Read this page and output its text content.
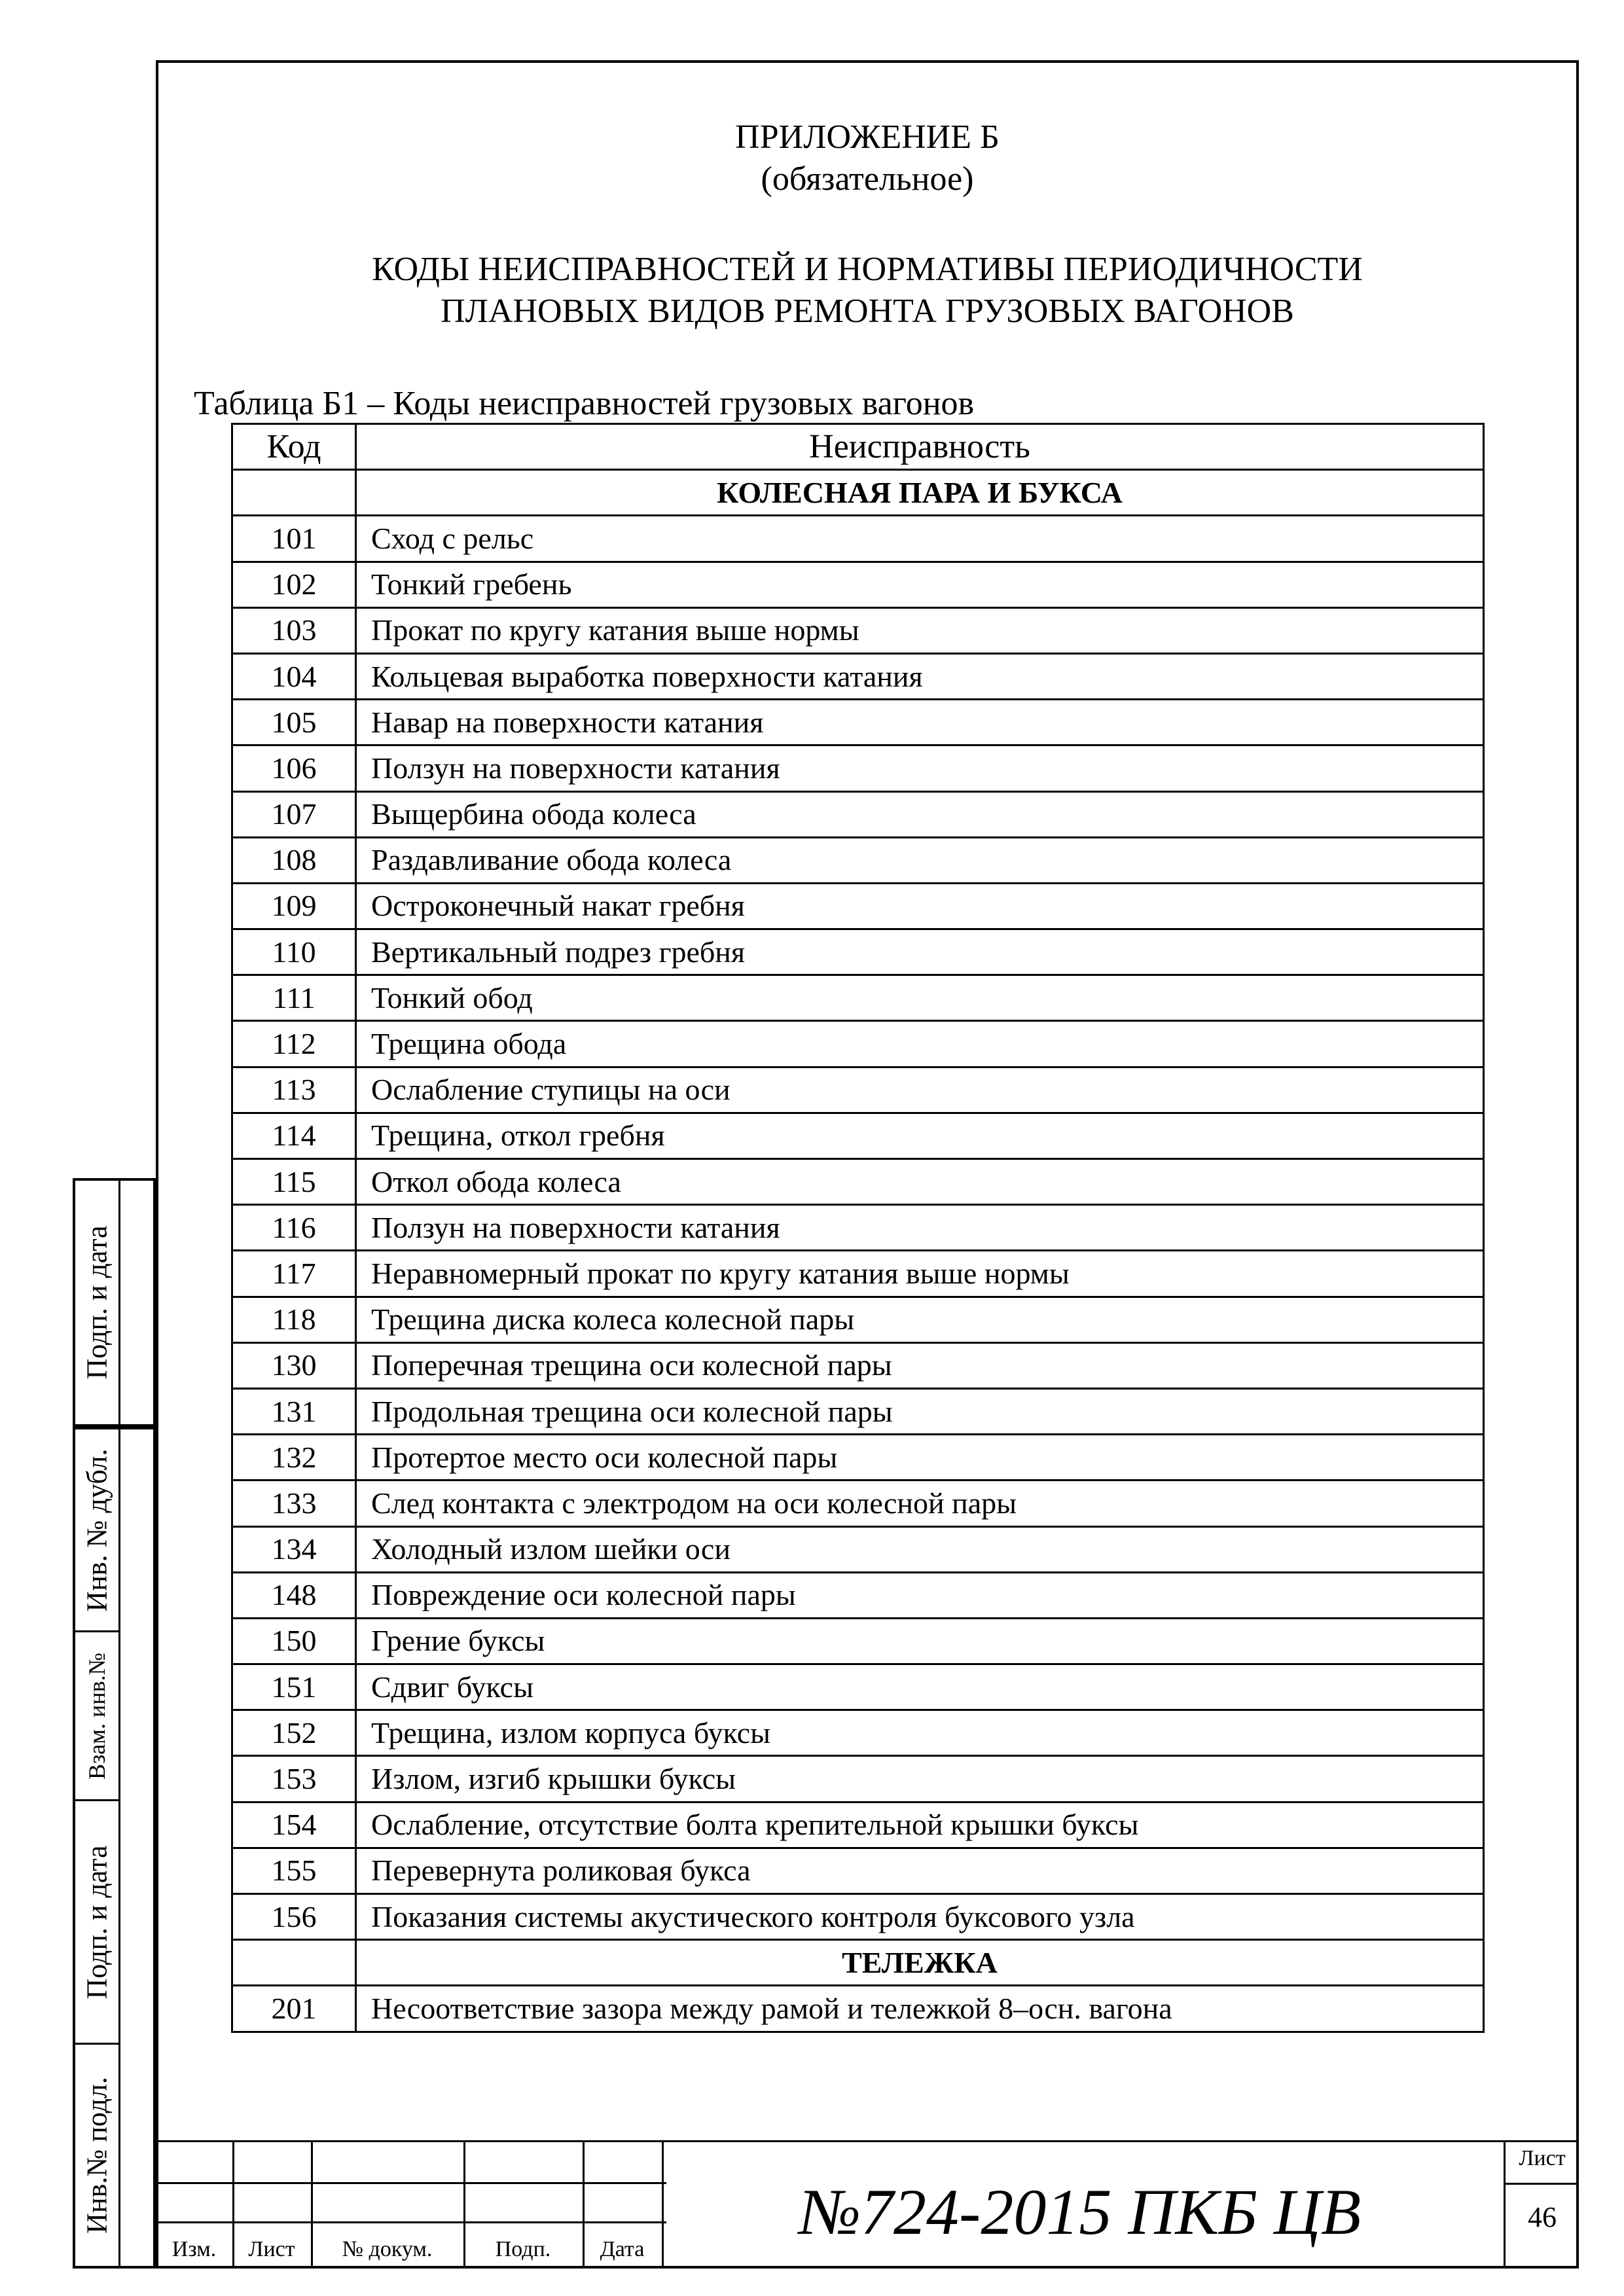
ПРИЛОЖЕНИЕ Б
(обязательное)
КОДЫ НЕИСПРАВНОСТЕЙ И НОРМАТИВЫ ПЕРИОДИЧНОСТИ
ПЛАНОВЫХ ВИДОВ РЕМОНТА ГРУЗОВЫХ ВАГОНОВ
Таблица Б1 – Коды неисправностей грузовых вагонов
Код	Неисправность
	КОЛЕСНАЯ ПАРА И БУКСА
101	Сход с рельс
102	Тонкий гребень
103	Прокат по кругу катания выше нормы
104	Кольцевая выработка поверхности катания
105	Навар на поверхности катания
106	Ползун на поверхности катания
107	Выщербина обода колеса
108	Раздавливание обода колеса
109	Остроконечный накат гребня
110	Вертикальный подрез гребня
111	Тонкий обод
112	Трещина обода
113	Ослабление ступицы на оси
114	Трещина, откол гребня
115	Откол обода колеса
116	Ползун на поверхности катания
117	Неравномерный прокат по кругу катания выше нормы
118	Трещина диска колеса колесной пары
130	Поперечная трещина оси колесной пары
131	Продольная трещина оси колесной пары
132	Протертое место оси колесной пары
133	След контакта с электродом на оси колесной пары
134	Холодный излом шейки оси
148	Повреждение оси колесной пары
150	Грение буксы
151	Сдвиг буксы
152	Трещина, излом корпуса буксы
153	Излом, изгиб крышки буксы
154	Ослабление, отсутствие болта крепительной крышки буксы
155	Перевернута роликовая букса
156	Показания системы акустического контроля буксового узла
	ТЕЛЕЖКА
201	Несоответствие зазора между рамой и тележкой 8–осн. вагона
Подп. и дата
Инв. № дубл.
Взам. инв.№
Подп. и дата
Инв.№ подл.
Изм.	Лист	№ докум.	Подп.	Дата
№724-2015 ПКБ ЦВ
Лист
46
